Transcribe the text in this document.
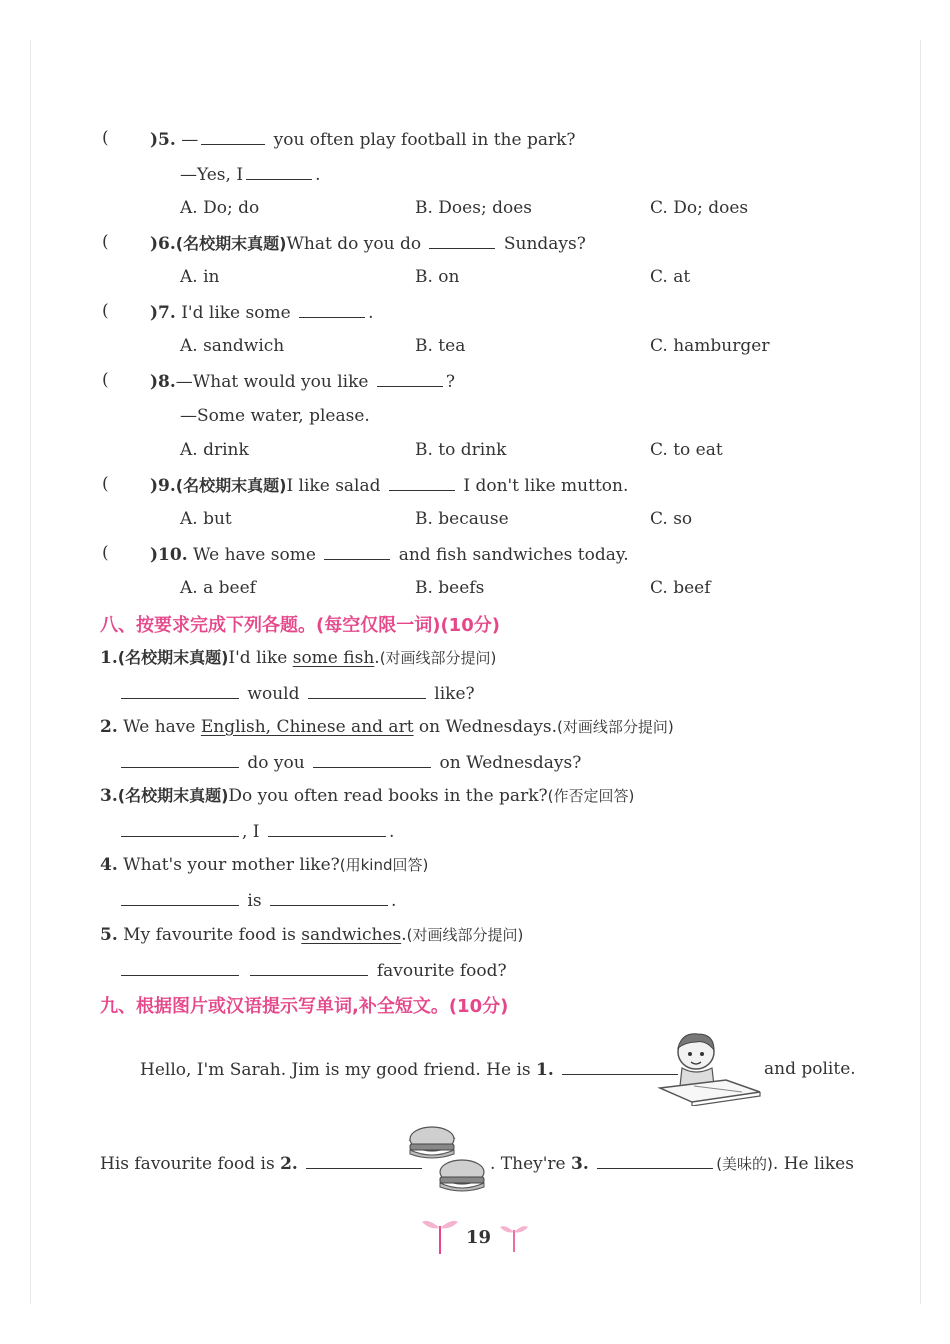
( )5. —	you often play football in the park?
—Yes, I	.
A. Do; do	B. Does; does	C. Do; does
( )6.(名校期末真题)What do you do	Sundays?
A. in	B. on	C. at
( )7. I'd like some	.
A. sandwich	B. tea	C. hamburger
( )8.—What would you like	?
—Some water, please.
A. drink	B. to drink	C. to eat
( )9.(名校期末真题)I like salad	I don't like mutton.
A. but	B. because	C. so
( )10. We have some	and fish sandwiches today.
A. a beef	B. beefs	C. beef
八、按要求完成下列各题。(每空仅限一词)(10分)
1.(名校期末真题)I'd like some fish.(对画线部分提问)
would	like?
2. We have English, Chinese and art on Wednesdays.(对画线部分提问)
do you	on Wednesdays?
3.(名校期末真题)Do you often read books in the park?(作否定回答)
, I	.
4. What's your mother like?(用kind回答)
is	.
5. My favourite food is sandwiches.(对画线部分提问)
favourite food?
九、根据图片或汉语提示写单词,补全短文。(10分)
Hello, I'm Sarah. Jim is my good friend. He is 1.	and polite.
His favourite food is 2.	. They're 3.	(美味的). He likes
19
